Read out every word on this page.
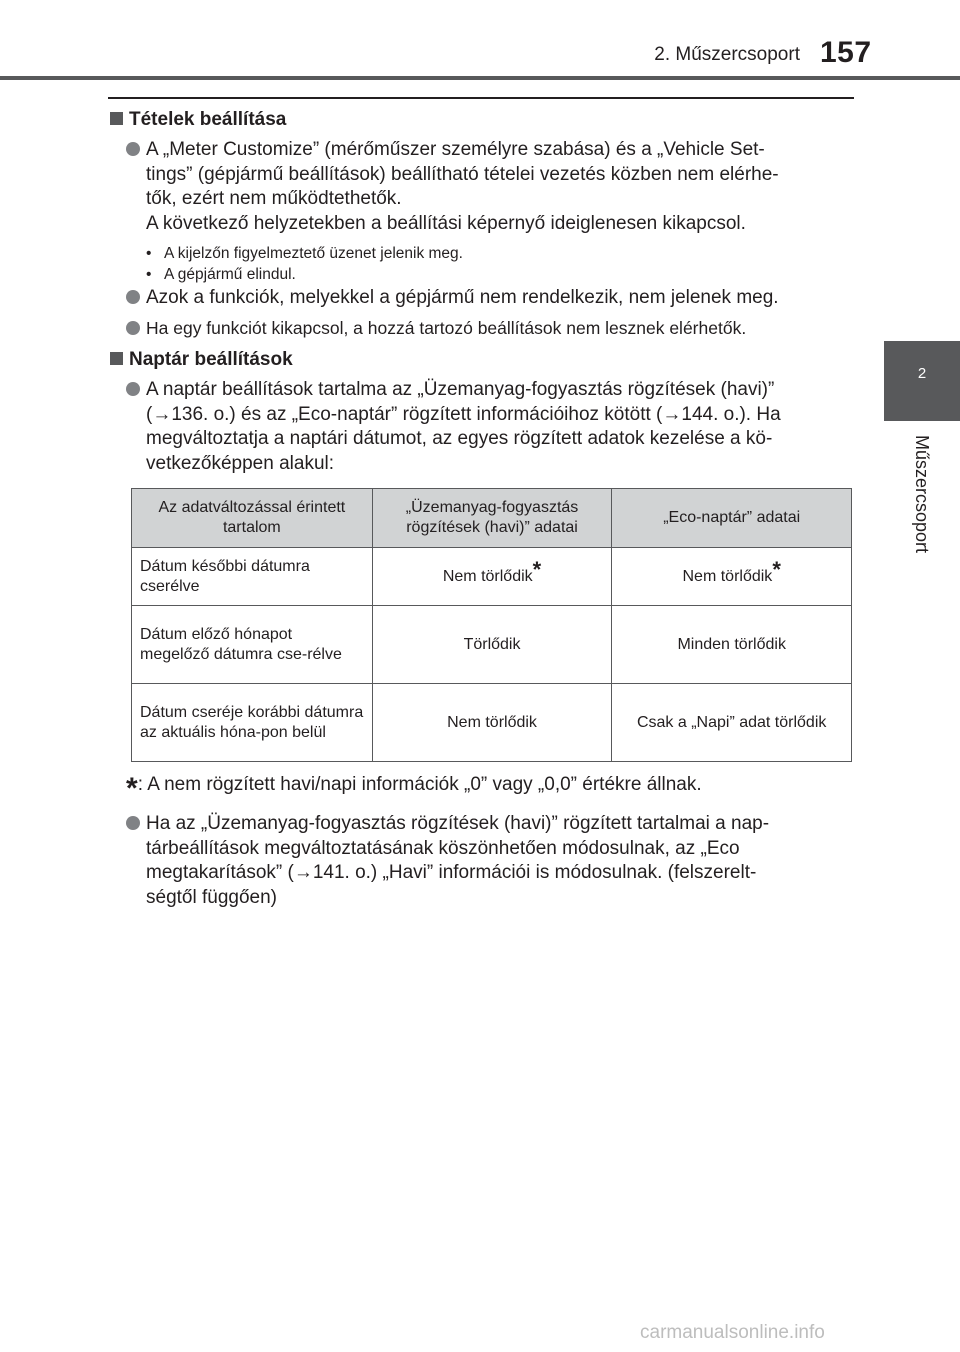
2. Műszercsoport 157
2
Műszercsoport
Tételek beállítása
A „Meter Customize” (mérőműszer személyre szabása) és a „Vehicle Set-
tings” (gépjármű beállítások) beállítható tételei vezetés közben nem elérhe-
tők, ezért nem működtethetők.
A következő helyzetekben a beállítási képernyő ideiglenesen kikapcsol.
• A kijelzőn figyelmeztető üzenet jelenik meg.
• A gépjármű elindul.
Azok a funkciók, melyekkel a gépjármű nem rendelkezik, nem jelenek meg.
Ha egy funkciót kikapcsol, a hozzá tartozó beállítások nem lesznek elérhetők.
Naptár beállítások
A naptár beállítások tartalma az „Üzemanyag-fogyasztás rögzítések (havi)”
(→136. o.) és az „Eco-naptár” rögzített információihoz kötött (→144. o.). Ha
megváltoztatja a naptári dátumot, az egyes rögzített adatok kezelése a kö-
vetkezőképpen alakul:
Az adatváltozással érintett tartalom	„Üzemanyag-fogyasztás rögzítések (havi)” adatai	„Eco-naptár” adatai
Dátum későbbi dátumra cserélve	Nem törlődik*	Nem törlődik*
Dátum előző hónapot megelőző dátumra cse-rélve	Törlődik	Minden törlődik
Dátum cseréje korábbi dátumra az aktuális hóna-pon belül	Nem törlődik	Csak a „Napi” adat törlődik
*: A nem rögzített havi/napi információk „0” vagy „0,0” értékre állnak.
Ha az „Üzemanyag-fogyasztás rögzítések (havi)” rögzített tartalmai a nap-
tárbeállítások megváltoztatásának köszönhetően módosulnak, az „Eco
megtakarítások” (→141. o.) „Havi” információi is módosulnak. (felszerelt-
ségtől függően)
carmanualsonline.info
